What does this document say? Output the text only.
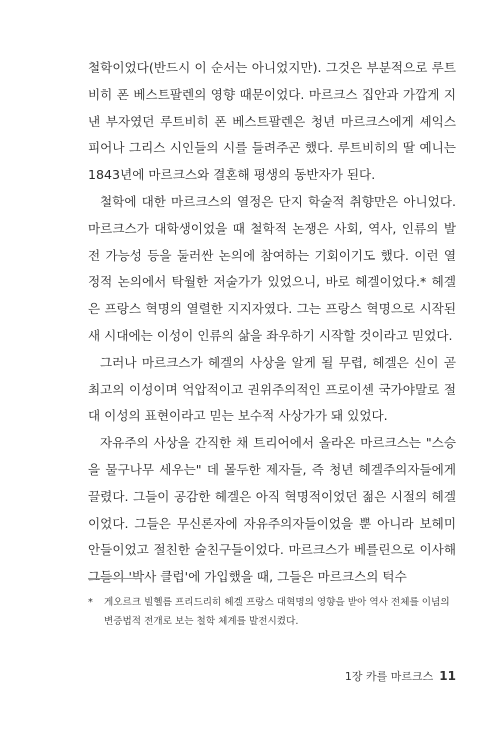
철학이었다(반드시 이 순서는 아니었지만). 그것은 부분적으로 루트비히 폰 베스트팔렌의 영향 때문이었다. 마르크스 집안과 가깝게 지낸 부자였던 루트비히 폰 베스트팔렌은 청년 마르크스에게 셰익스피어나 그리스 시인들의 시를 들려주곤 했다. 루트비히의 딸 예니는 1843년에 마르크스와 결혼해 평생의 동반자가 된다.

철학에 대한 마르크스의 열정은 단지 학술적 취향만은 아니었다. 마르크스가 대학생이었을 때 철학적 논쟁은 사회, 역사, 인류의 발전 가능성 등을 둘러싼 논의에 참여하는 기회이기도 했다. 이런 열정적 논의에서 탁월한 저술가가 있었으니, 바로 헤겔이었다.* 헤겔은 프랑스 혁명의 열렬한 지지자였다. 그는 프랑스 혁명으로 시작된 새 시대에는 이성이 인류의 삶을 좌우하기 시작할 것이라고 믿었다.

그러나 마르크스가 헤겔의 사상을 알게 될 무렵, 헤겔은 신이 곧 최고의 이성이며 억압적이고 권위주의적인 프로이센 국가야말로 절대 이성의 표현이라고 믿는 보수적 사상가가 돼 있었다.

자유주의 사상을 간직한 채 트리어에서 올라온 마르크스는 "스승을 물구나무 세우는" 데 몰두한 제자들, 즉 청년 헤겔주의자들에게 끌렸다. 그들이 공감한 헤겔은 아직 혁명적이었던 젊은 시절의 헤겔이었다. 그들은 무신론자에 자유주의자들이었을 뿐 아니라 보헤미안들이었고 절친한 술친구들이었다. 마르크스가 베를린으로 이사해 그들의 '박사 클럽'에 가입했을 때, 그들은 마르크스의 턱수

*	게오르크 빌헬름 프리드리히 헤겔 프랑스 대혁명의 영향을 받아 역사 전체를 이념의 변증법적 전개로 보는 철학 체계를 발전시켰다.
1장 카를 마르크스 11
